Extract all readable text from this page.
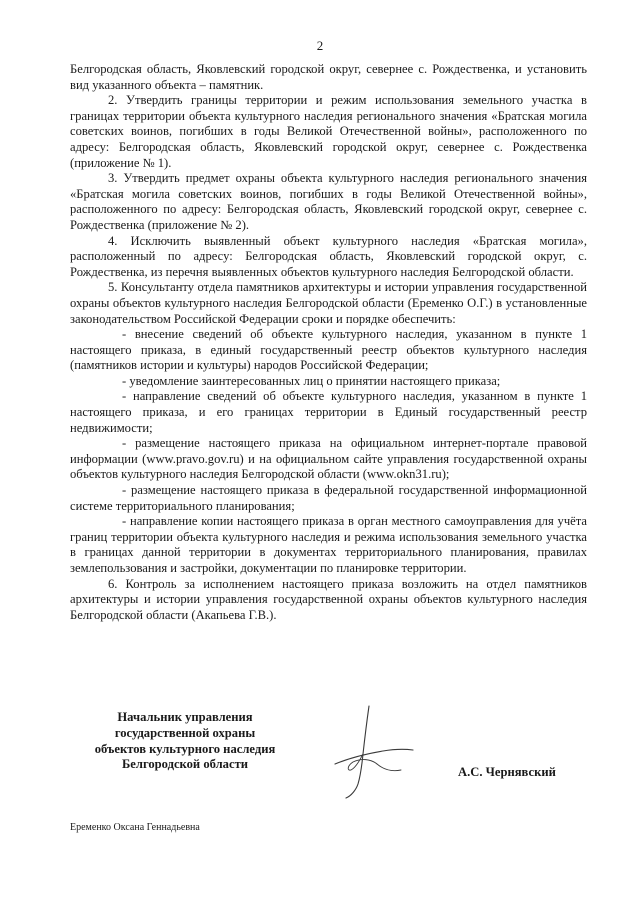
2

Белгородская область, Яковлевский городской округ, севернее с. Рождественка, и установить вид указанного объекта – памятник.

2. Утвердить границы территории и режим использования земельного участка в границах территории объекта культурного наследия регионального значения «Братская могила советских воинов, погибших в годы Великой Отечественной войны», расположенного по адресу: Белгородская область, Яковлевский городской округ, севернее с. Рождественка (приложение № 1).

3. Утвердить предмет охраны объекта культурного наследия регионального значения «Братская могила советских воинов, погибших в годы Великой Отечественной войны», расположенного по адресу: Белгородская область, Яковлевский городской округ, севернее с. Рождественка (приложение № 2).

4. Исключить выявленный объект культурного наследия «Братская могила», расположенный по адресу: Белгородская область, Яковлевский городской округ, с. Рождественка, из перечня выявленных объектов культурного наследия Белгородской области.

5. Консультанту отдела памятников архитектуры и истории управления государственной охраны объектов культурного наследия Белгородской области (Еременко О.Г.) в установленные законодательством Российской Федерации сроки и порядке обеспечить:

- внесение сведений об объекте культурного наследия, указанном в пункте 1 настоящего приказа, в единый государственный реестр объектов культурного наследия (памятников истории и культуры) народов Российской Федерации;

- уведомление заинтересованных лиц о принятии настоящего приказа;

- направление сведений об объекте культурного наследия, указанном в пункте 1 настоящего приказа, и его границах территории в Единый государственный реестр недвижимости;

- размещение настоящего приказа на официальном интернет-портале правовой информации (www.pravo.gov.ru) и на официальном сайте управления государственной охраны объектов культурного наследия Белгородской области (www.okn31.ru);

- размещение настоящего приказа в федеральной государственной информационной системе территориального планирования;

- направление копии настоящего приказа в орган местного самоуправления для учёта границ территории объекта культурного наследия и режима использования земельного участка в границах данной территории в документах территориального планирования, правилах землепользования и застройки, документации по планировке территории.

6. Контроль за исполнением настоящего приказа возложить на отдел памятников архитектуры и истории управления государственной охраны объектов культурного наследия Белгородской области (Акапьева Г.В.).

Начальник управления
государственной охраны
объектов культурного наследия
Белгородской области
А.С. Чернявский
Еременко Оксана Геннадьевна
